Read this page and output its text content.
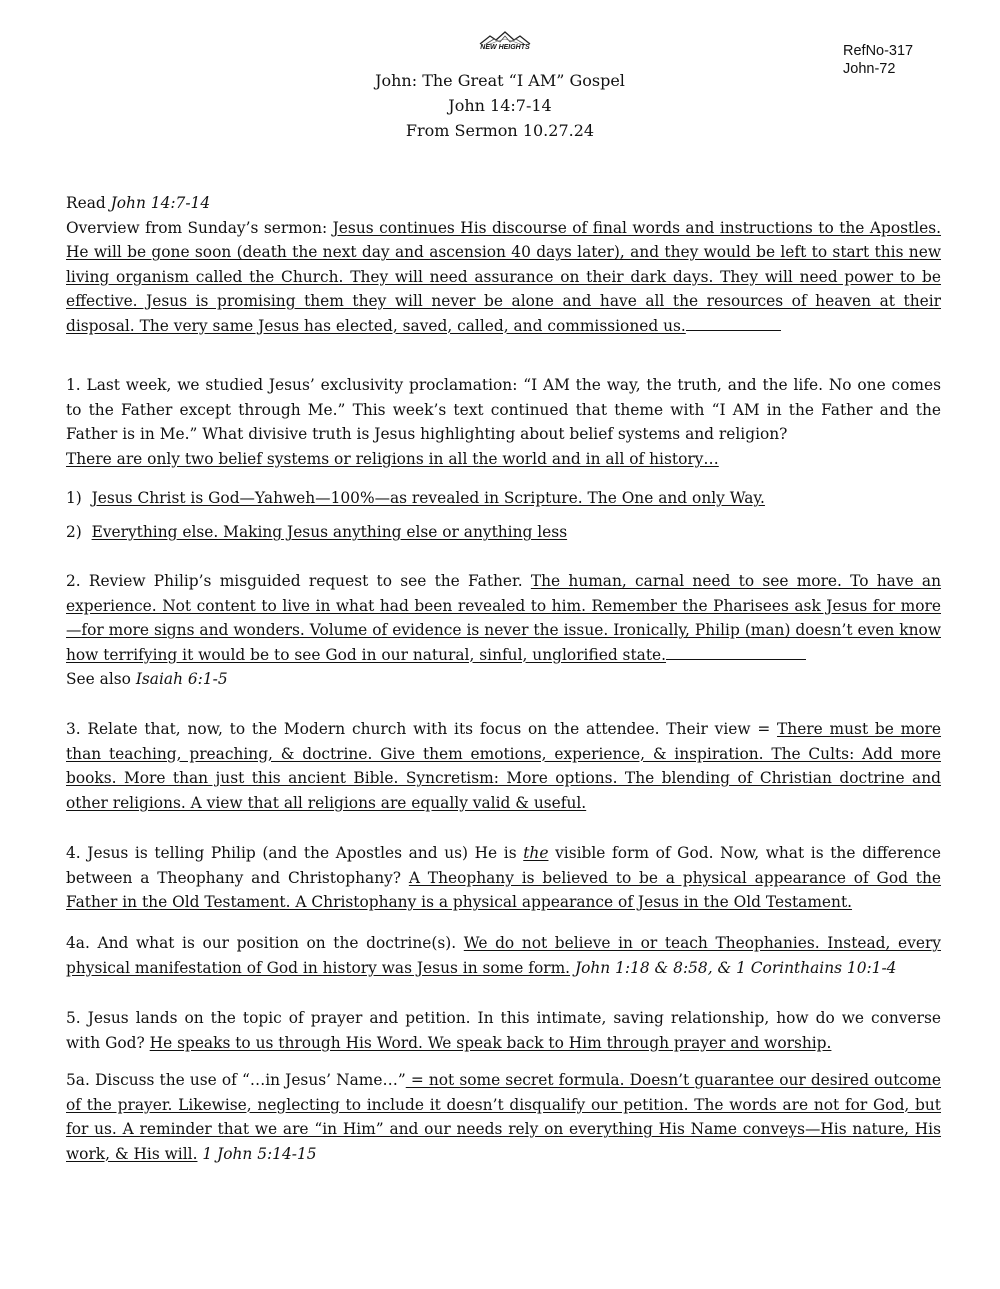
NEW HEIGHTS	RefNo-317
John-72
John: The Great “I AM” Gospel
John 14:7-14
From Sermon 10.27.24

Read John 14:7-14
Overview from Sunday’s sermon: Jesus continues His discourse of final words and instructions to the Apostles. He will be gone soon (death the next day and ascension 40 days later), and they would be left to start this new living organism called the Church. They will need assurance on their dark days. They will need power to be effective. Jesus is promising them they will never be alone and have all the resources of heaven at their disposal. The very same Jesus has elected, saved, called, and commissioned us.

1. Last week, we studied Jesus’ exclusivity proclamation: “I AM the way, the truth, and the life. No one comes to the Father except through Me.” This week’s text continued that theme with “I AM in the Father and the Father is in Me.” What divisive truth is Jesus highlighting about belief systems and religion?
There are only two belief systems or religions in all the world and in all of history…

1) Jesus Christ is God—Yahweh—100%—as revealed in Scripture. The One and only Way.
2) Everything else. Making Jesus anything else or anything less

2. Review Philip’s misguided request to see the Father. The human, carnal need to see more. To have an experience. Not content to live in what had been revealed to him. Remember the Pharisees ask Jesus for more—for more signs and wonders. Volume of evidence is never the issue. Ironically, Philip (man) doesn’t even know how terrifying it would be to see God in our natural, sinful, unglorified state.
See also Isaiah 6:1-5

3. Relate that, now, to the Modern church with its focus on the attendee. Their view = There must be more than teaching, preaching, & doctrine. Give them emotions, experience, & inspiration. The Cults: Add more books. More than just this ancient Bible. Syncretism: More options. The blending of Christian doctrine and other religions. A view that all religions are equally valid & useful.

4. Jesus is telling Philip (and the Apostles and us) He is the visible form of God. Now, what is the difference between a Theophany and Christophany? A Theophany is believed to be a physical appearance of God the Father in the Old Testament. A Christophany is a physical appearance of Jesus in the Old Testament.

4a. And what is our position on the doctrine(s). We do not believe in or teach Theophanies. Instead, every physical manifestation of God in history was Jesus in some form. John 1:18 & 8:58, & 1 Corinthains 10:1-4

5. Jesus lands on the topic of prayer and petition. In this intimate, saving relationship, how do we converse with God? He speaks to us through His Word. We speak back to Him through prayer and worship.

5a. Discuss the use of “…in Jesus’ Name…” = not some secret formula. Doesn’t guarantee our desired outcome of the prayer. Likewise, neglecting to include it doesn’t disqualify our petition. The words are not for God, but for us. A reminder that we are “in Him” and our needs rely on everything His Name conveys—His nature, His work, & His will. 1 John 5:14-15
